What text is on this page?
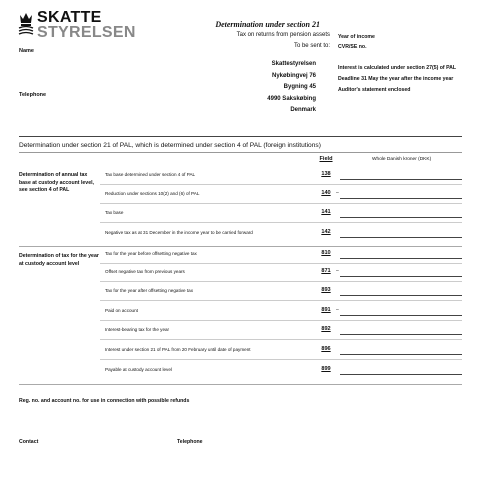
SKATTE
STYRELSEN
Name
Telephone
Determination under section 21
Tax on returns from pension assets
To be sent to:
Skattestyrelsen
Nykøbingvej 76
Bygning 45
4990 Sakskøbing
Denmark
Year of income
CVR/SE no.
Interest is calculated under section 27(5) of PAL
Deadline 31 May the year after the income year
Auditor's statement enclosed
Determination under section 21 of PAL, which is determined under section 4 of PAL (foreign institutions)
Field	Whole Danish kroner (DKK)
Determination of annual tax base at custody account level, see section 4 of PAL
Determination of tax for the year at custody account level
Tax base determined under section 4 of PAL	138
Reduction under sections 10(2) and (6) of PAL	140 –
Tax base	141
Negative tax as at 31 December in the income year to be carried forward	142
Tax for the year before offsetting negative tax	810
Offset negative tax from previous years	871 –
Tax for the year after offsetting negative tax	893
Paid on account	891 –
Interest-bearing tax for the year	892
Interest under section 21 of PAL from 20 February until date of payment	896
Payable at custody account level	899
Reg. no. and account no. for use in connection with possible refunds
Contact	Telephone
